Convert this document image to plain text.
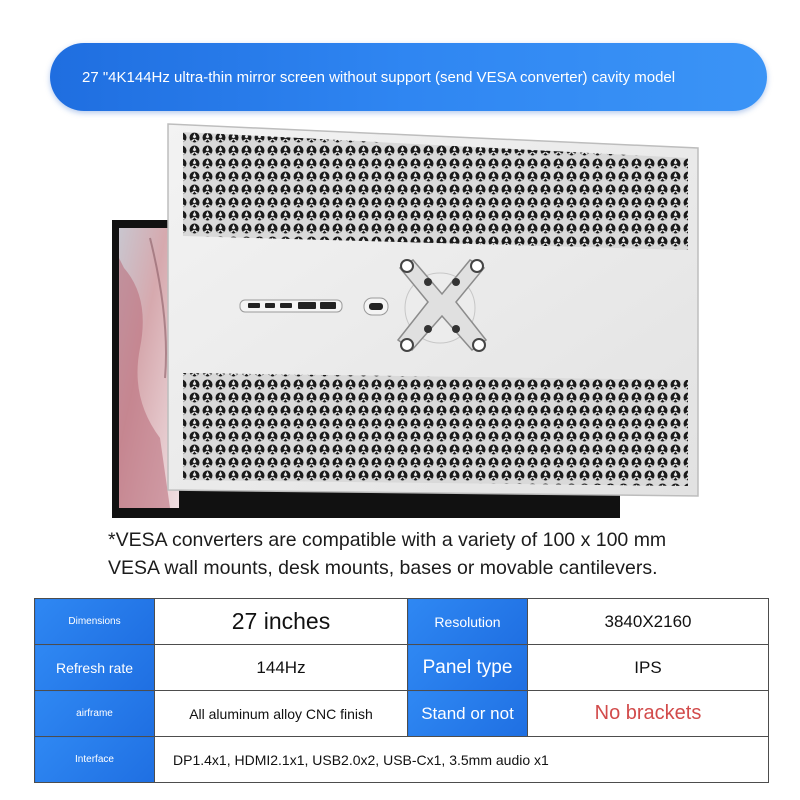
27 "4K144Hz ultra-thin mirror screen without support (send VESA converter) cavity model
*VESA converters are compatible with a variety of 100 x 100 mm
VESA wall mounts, desk mounts, bases or movable cantilevers.
Dimensions	27 inches	Resolution	3840X2160
Refresh rate	144Hz	Panel type	IPS
airframe	All aluminum alloy CNC finish	Stand or not	No brackets
Interface	DP1.4x1, HDMI2.1x1, USB2.0x2, USB-Cx1, 3.5mm audio x1		
